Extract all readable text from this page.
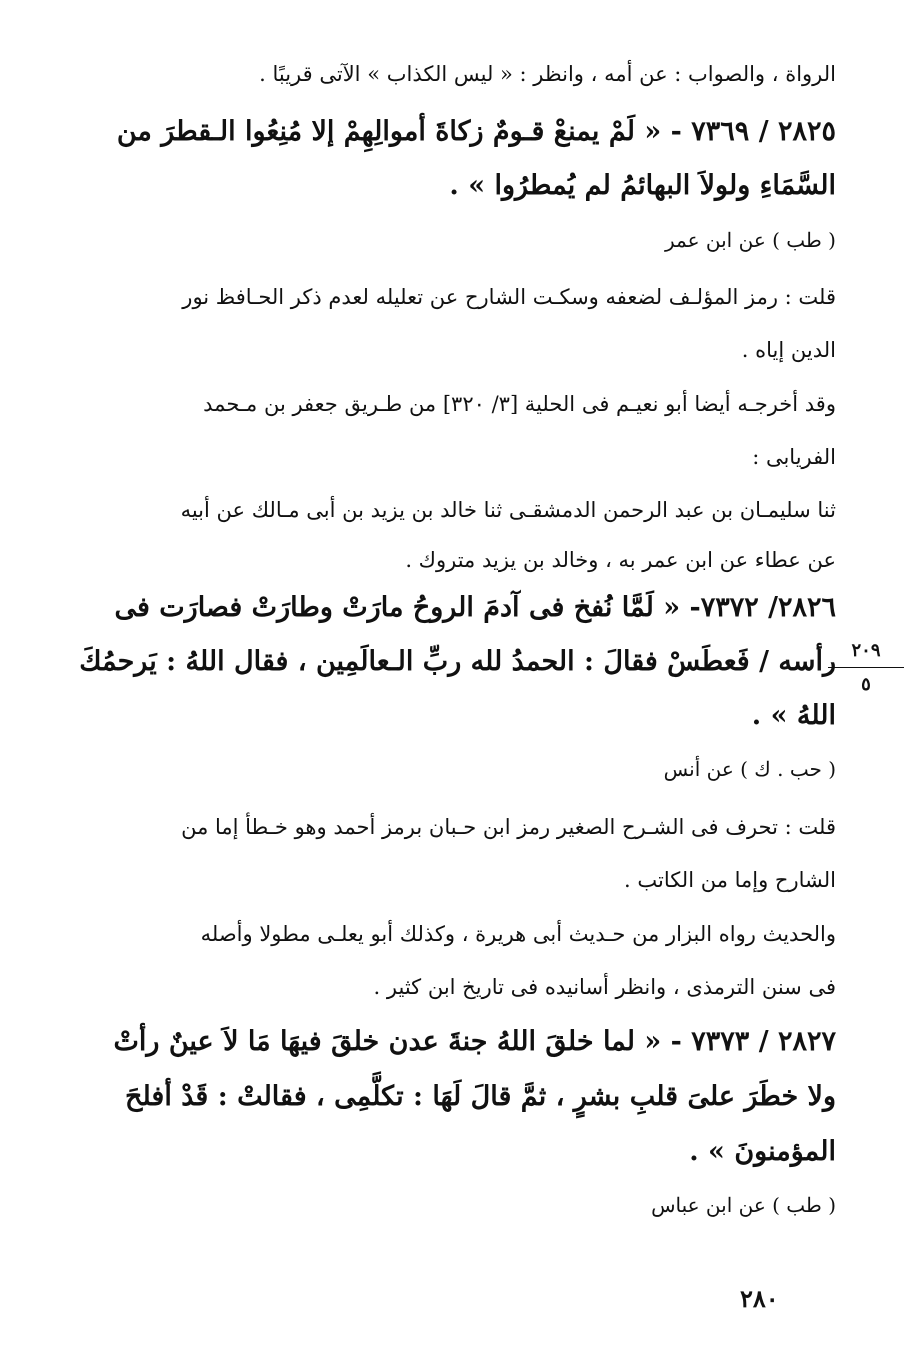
الرواة ، والصواب : عن أمه ، وانظر : « ليس الكذاب » الآتى قريبًا .
٢٨٢٥ / ٧٣٦٩ - « لَمْ يمنعْ قـومٌ زكاةَ أموالِهِمْ إلا مُنِعُوا الـقطرَ من
السَّمَاءِ ولولاَ البهائمُ لم يُمطرُوا » .
( طب ) عن ابن عمر
قلت : رمز المؤلـف لضعفه وسكـت الشارح عن تعليله لعدم ذكر الحـافظ نور
الدين إياه .
وقد أخرجـه أيضا أبو نعيـم فى الحلية [٣/ ٣٢٠] من طـريق جعفر بن مـحمد
الفريابى :
ثنا سليمـان بن عبد الرحمن الدمشقـى ثنا خالد بن يزيد بن أبى مـالك عن أبيه
عن عطاء عن ابن عمر به ، وخالد بن يزيد متروك .
٢٨٢٦/ ٧٣٧٢- « لَمَّا نُفخ فى آدمَ الروحُ مارَتْ وطارَتْ فصارَت فى
رأسه / فَعطَسْ فقالَ : الحمدُ لله ربِّ الـعالَمِين ، فقال اللهُ : يَرحمُكَ
اللهُ » .
( حب . ك ) عن أنس
قلت : تحرف فى الشـرح الصغير رمز ابن حـبان برمز أحمد وهو خـطأ إما من
الشارح وإما من الكاتب .
والحديث رواه البزار من حـديث أبى هريرة ، وكذلك أبو يعلـى مطولا وأصله
فى سنن الترمذى ، وانظر أسانيده فى تاريخ ابن كثير .
٢٨٢٧ / ٧٣٧٣ - « لما خلقَ اللهُ جنةَ عدن خلقَ فيهَا مَا لاَ عينٌ رأتْ
ولا خطَرَ علىَ قلبِ بشرٍ ، ثمَّ قالَ لَهَا : تكلَّمِى ، فقالتْ : قَدْ أفلحَ
المؤمنونَ » .
( طب ) عن ابن عباس
٢٠٩
٥
٢٨٠
